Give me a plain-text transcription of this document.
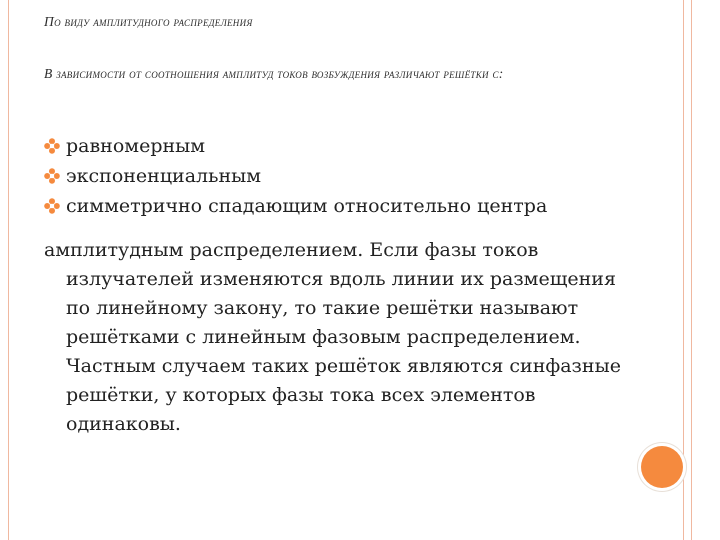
По виду амплитудного распределения
В зависимости от соотношения амплитуд токов возбуждения различают решётки с:
равномерным
экспоненциальным
симметрично спадающим относительно центра

амплитудным распределением. Если фазы токов излучателей изменяются вдоль линии их размещения по линейному закону, то такие решётки называют решётками с линейным фазовым распределением. Частным случаем таких решёток являются синфазные решётки, у которых фазы тока всех элементов одинаковы.
